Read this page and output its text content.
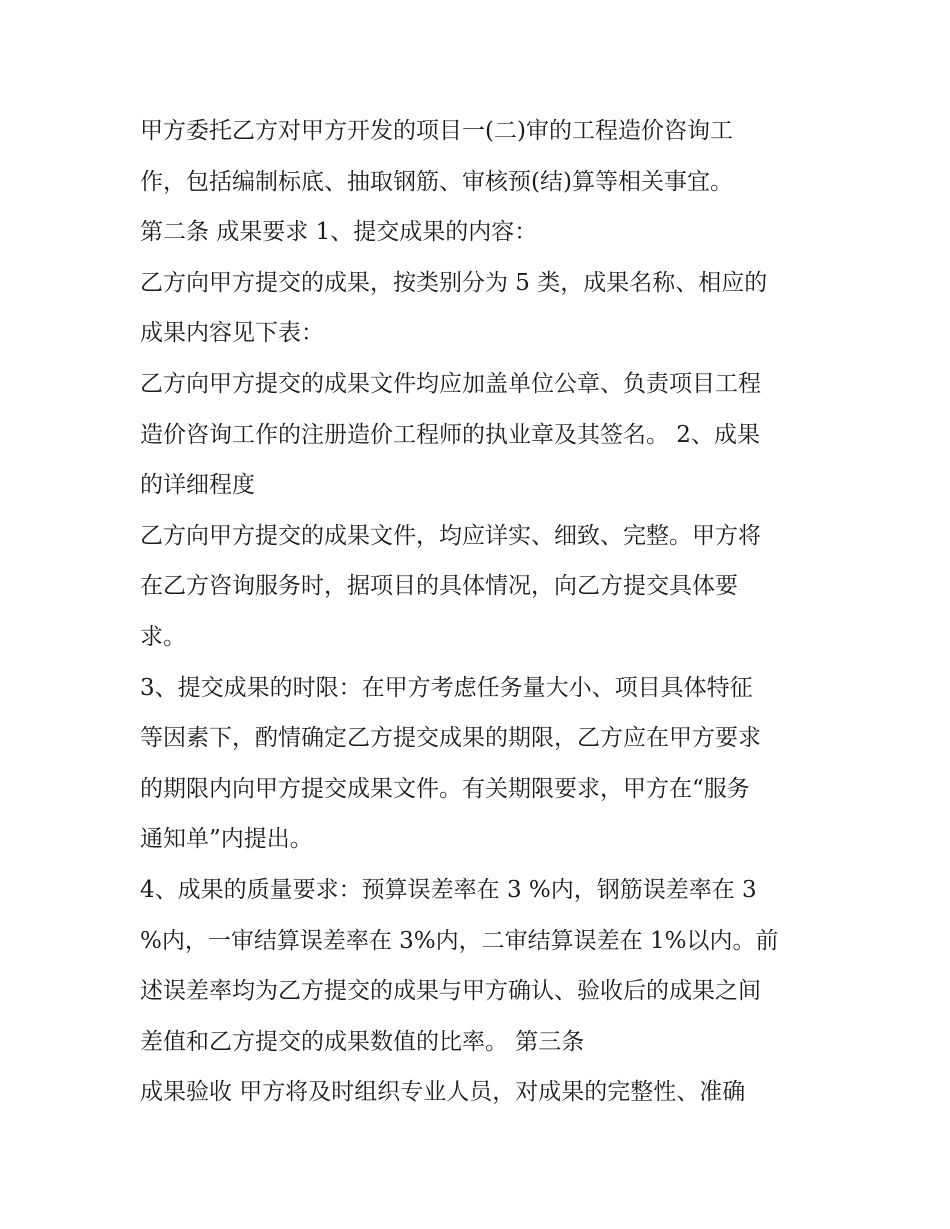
甲方委托乙方对甲方开发的项目一(二)审的工程造价咨询工
作，包括编制标底、抽取钢筋、审核预(结)算等相关事宜。
第二条 成果要求 1、提交成果的内容：
乙方向甲方提交的成果，按类别分为 5 类，成果名称、相应的
成果内容见下表：
乙方向甲方提交的成果文件均应加盖单位公章、负责项目工程
造价咨询工作的注册造价工程师的执业章及其签名。 2、成果
的详细程度
乙方向甲方提交的成果文件，均应详实、细致、完整。甲方将
在乙方咨询服务时，据项目的具体情况，向乙方提交具体要
求。
3、提交成果的时限：在甲方考虑任务量大小、项目具体特征
等因素下，酌情确定乙方提交成果的期限，乙方应在甲方要求
的期限内向甲方提交成果文件。有关期限要求，甲方在“服务
通知单”内提出。
4、成果的质量要求：预算误差率在 3 %内，钢筋误差率在 3
%内，一审结算误差率在 3%内，二审结算误差在 1%以内。前
述误差率均为乙方提交的成果与甲方确认、验收后的成果之间
差值和乙方提交的成果数值的比率。 第三条
成果验收 甲方将及时组织专业人员，对成果的完整性、准确
